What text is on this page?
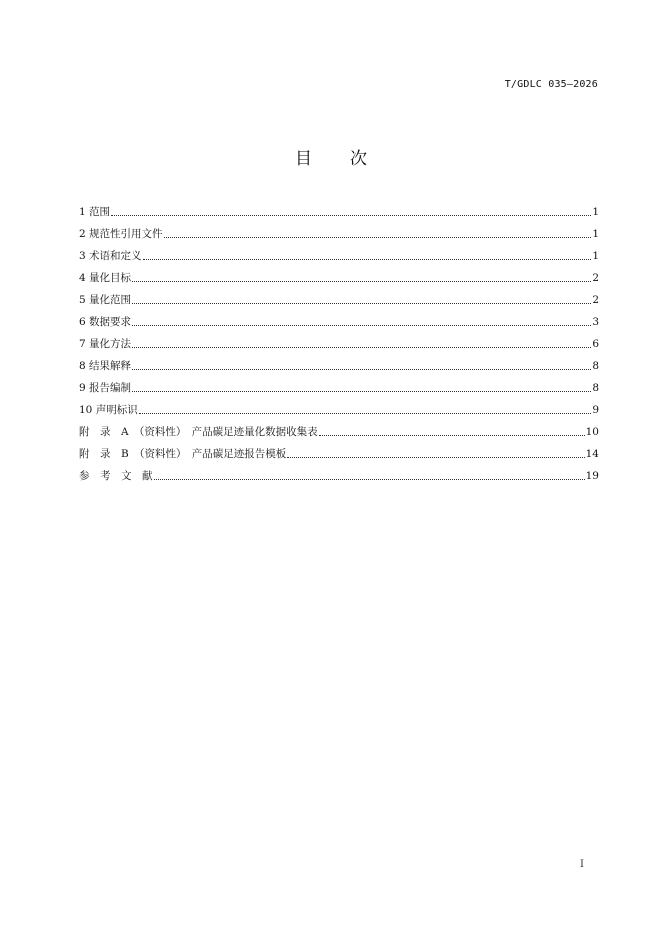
T/GDLC 035—2026
目次
1 范围	1
2 规范性引用文件	1
3 术语和定义	1
4 量化目标	2
5 量化范围	2
6 数据要求	3
7 量化方法	6
8 结果解释	8
9 报告编制	8
10 声明标识	9
附　录　A　（资料性）　产品碳足迹量化数据收集表	10
附　录　B　（资料性）　产品碳足迹报告模板	14
参　考　文　献	19
I
